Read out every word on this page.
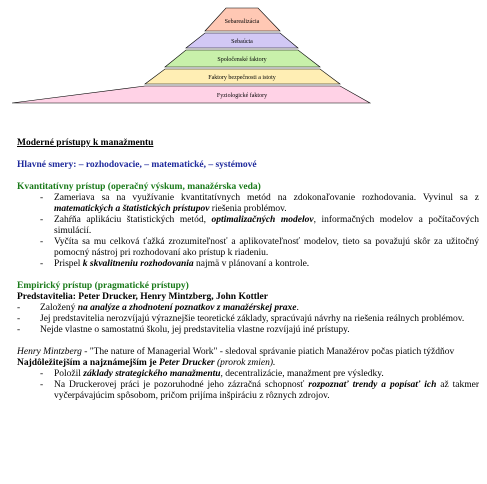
Sebarealizácia
Sebaúcta
Spoločenské faktory
Faktory bezpečnosti a istoty
Fyziologické faktory

Moderné prístupy k manažmentu

Hlavné smery: – rozhodovacie, – matematické, – systémové

Kvantitatívny prístup (operačný výskum, manažérska veda)

- Zameriava sa na využívanie kvantitatívnych metód na zdokonaľovanie rozhodovania. Vyvinul sa z matematických a štatistických prístupov riešenia problémov.
- Zahŕňa aplikáciu štatistických metód, optimalizačných modelov, informačných modelov a počítačových simulácií.
- Vyčíta sa mu celková ťažká zrozumiteľnosť a aplikovateľnosť modelov, tieto sa považujú skôr za užitočný pomocný nástroj pri rozhodovaní ako prístup k riadeniu.
- Prispel k skvalitneniu rozhodovania najmä v plánovaní a kontrole.

Empirický prístup (pragmatické prístupy)

Predstavitelia: Peter Drucker, Henry Mintzberg, John Kottler

- Založený na analýze a zhodnotení poznatkov z manažérskej praxe.
- Jej predstavitelia nerozvíjajú výraznejšie teoretické základy, spracúvajú návrhy na riešenia reálnych problémov.
- Nejde vlastne o samostatnú školu, jej predstavitelia vlastne rozvíjajú iné prístupy.

Henry Mintzberg - "The nature of Managerial Work" - sledoval správanie piatich Manažérov počas piatich týždňov

Najdôležitejším a najznámejším je Peter Drucker (prorok zmien).

- Položil základy strategického manažmentu, decentralizácie, manažment pre výsledky.
- Na Druckerovej práci je pozoruhodné jeho zázračná schopnosť rozpoznať trendy a popísať ich až takmer vyčerpávajúcim spôsobom, pričom prijíma inšpiráciu z rôznych zdrojov.
